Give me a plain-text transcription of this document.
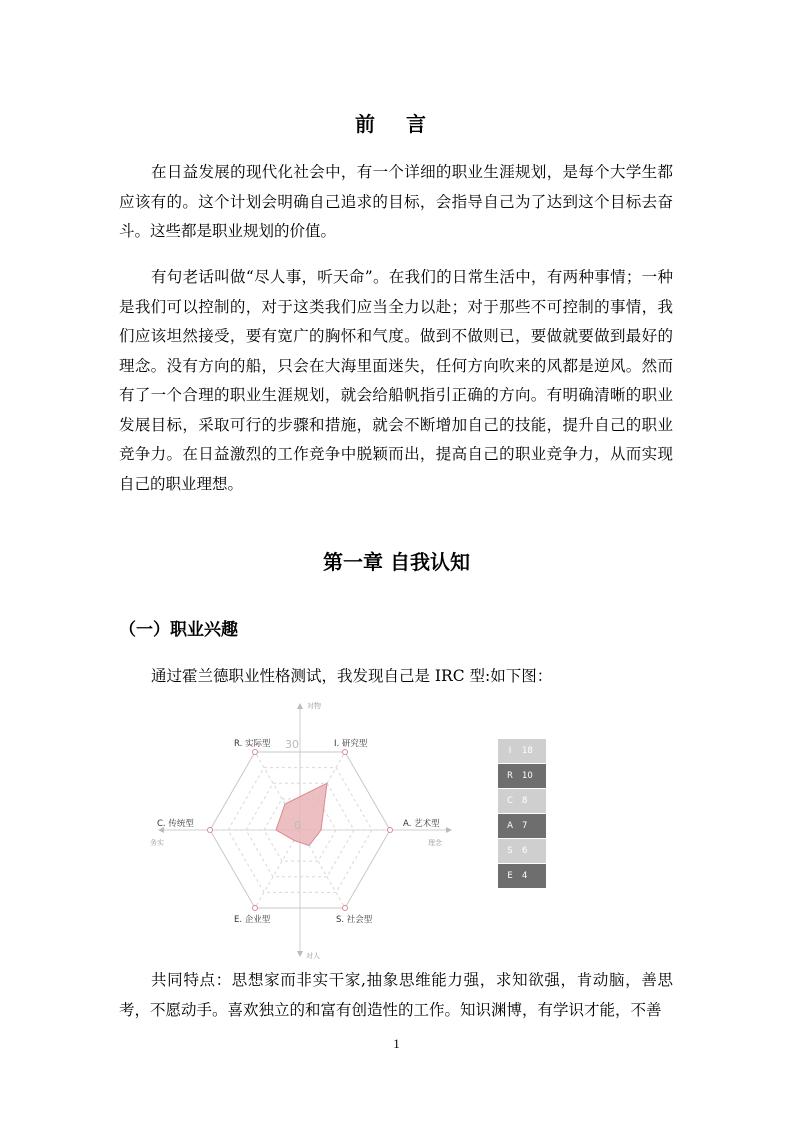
前 言

在日益发展的现代化社会中，有一个详细的职业生涯规划，是每个大学生都应该有的。这个计划会明确自己追求的目标，会指导自己为了达到这个目标去奋斗。这些都是职业规划的价值。

有句老话叫做“尽人事，听天命”。在我们的日常生活中，有两种事情；一种是我们可以控制的，对于这类我们应当全力以赴；对于那些不可控制的事情，我们应该坦然接受，要有宽广的胸怀和气度。做到不做则已，要做就要做到最好的理念。没有方向的船，只会在大海里面迷失，任何方向吹来的风都是逆风。然而有了一个合理的职业生涯规划，就会给船帆指引正确的方向。有明确清晰的职业发展目标，采取可行的步骤和措施，就会不断增加自己的技能，提升自己的职业竞争力。在日益激烈的工作竞争中脱颖而出，提高自己的职业竞争力，从而实现自己的职业理想。

第一章 自我认知
（一）职业兴趣
通过霍兰德职业性格测试，我发现自己是 IRC 型:如下图：
对物
对人
务实	理念
R. 实际型	I. 研究型
A. 艺术型
S. 社会型
E. 企业型
C. 传统型
30
0
I	18
R	10
C	8
A	7
S	6
E	4

共同特点：思想家而非实干家,抽象思维能力强，求知欲强，肯动脑，善思考，不愿动手。喜欢独立的和富有创造性的工作。知识渊博，有学识才能，不善

1
